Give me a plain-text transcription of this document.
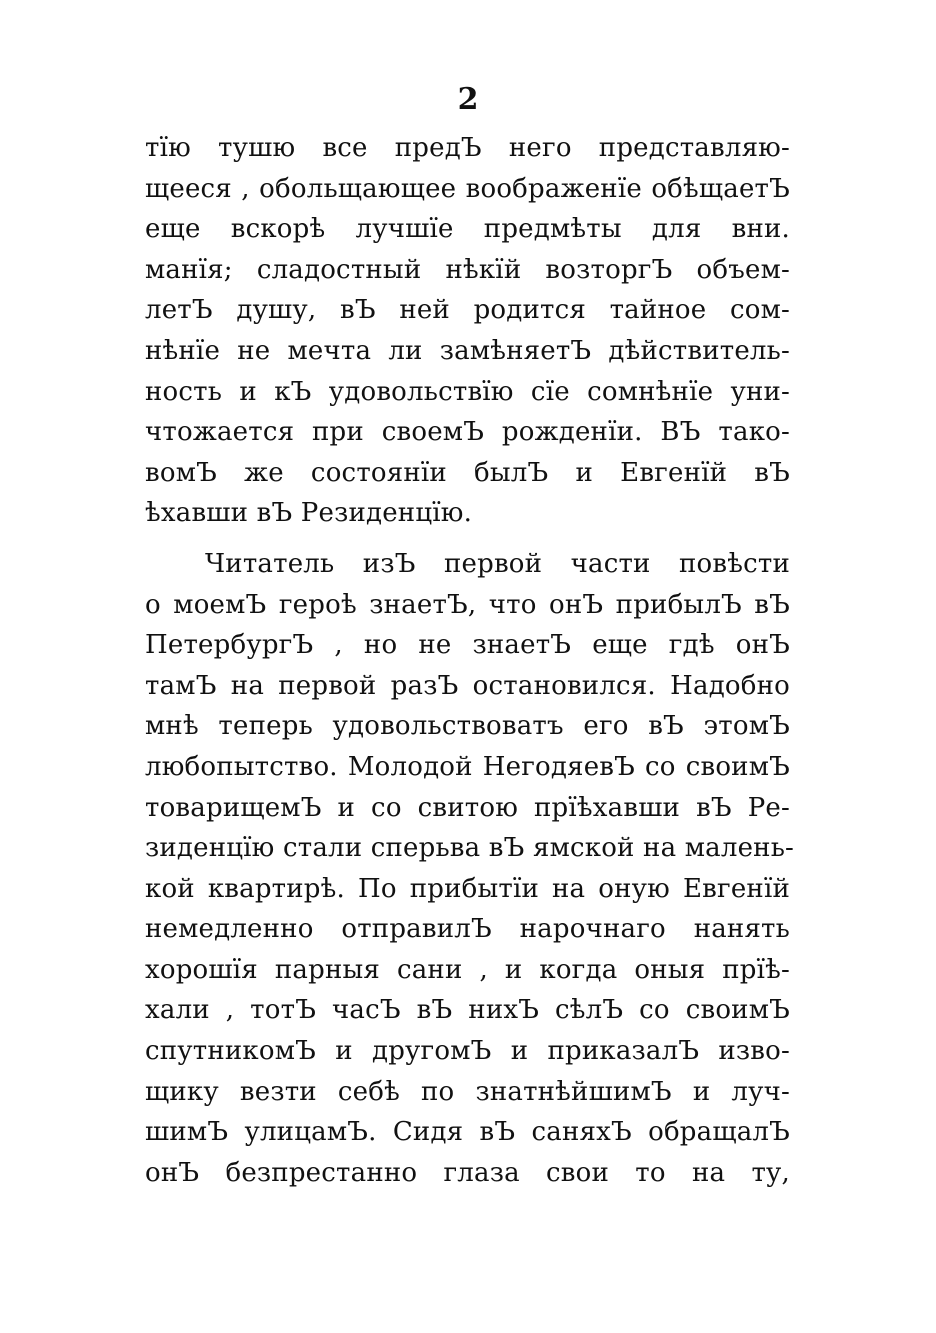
2
тїю тушю все предЪ него представляю-
щееся , обольщающее воображенїе обѣщаетЪ
еще вскорѣ лучшїе предмѣты для вни.
манїя; сладостный нѣкїй возторгЪ объем-
летЪ душу, вЪ ней родится тайное сом-
нѣнїе не мечта ли замѣняетЪ дѣйствитель-
ность и кЪ удовольствїю сїе сомнѣнїе уни-
чтожается при своемЪ рожденїи. ВЪ тако-
вомЪ же состоянїи былЪ и Евгенїй вЪ
ѣхавши вЪ Резиденцїю.
Читатель изЪ первой части повѣсти
о моемЪ героѣ знаетЪ, что онЪ прибылЪ вЪ
ПетербургЪ , но не знаетЪ еще гдѣ онЪ
тамЪ на первой разЪ остановился. Надобно
мнѣ теперь удовольствоватъ его вЪ этомЪ
любопытство. Молодой НегодяевЪ со своимЪ
товарищемЪ и со свитою прїѣхавши вЪ Ре-
зиденцїю стали сперьва вЪ ямской на малень-
кой квартирѣ. По прибытїи на оную Евгенїй
немедленно отправилЪ нарочнаго нанять
хорошїя парныя сани , и когда оныя прїѣ-
хали , тотЪ часЪ вЪ нихЪ сѣлЪ со своимЪ
спутникомЪ и другомЪ и приказалЪ изво-
щику везти себѣ по знатнѣйшимЪ и луч-
шимЪ улицамЪ. Сидя вЪ саняхЪ обращалЪ
онЪ безпрестанно глаза свои то на ту,
